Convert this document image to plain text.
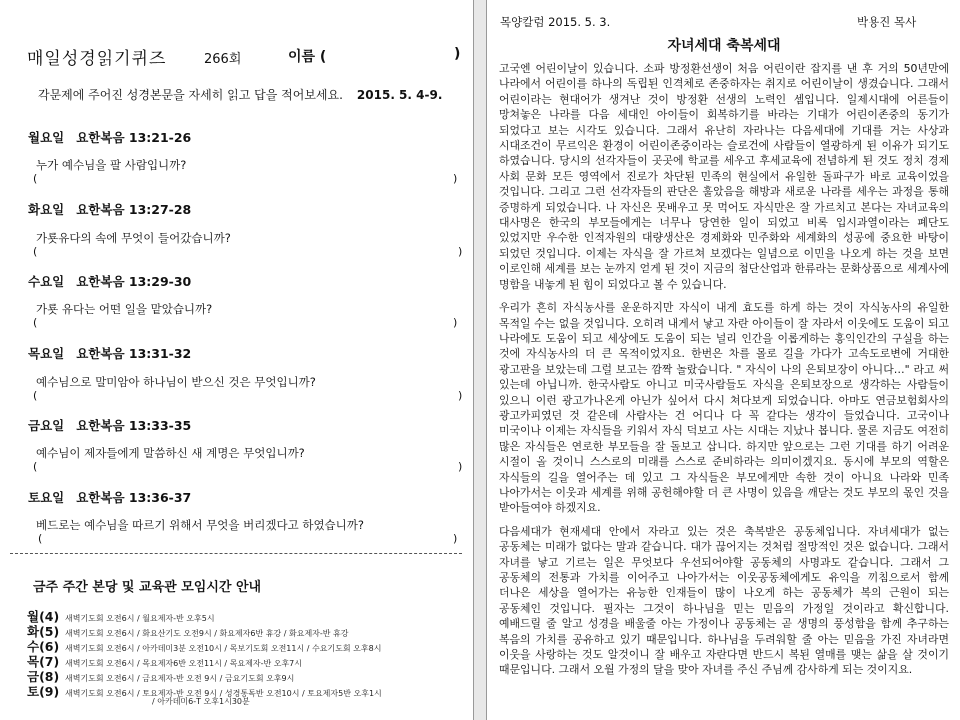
매일성경읽기퀴즈	266회	이름 (	)
각문제에 주어진 성경본문을 자세히 읽고 답을 적어보세요. 2015. 5. 4-9.
월요일 요한복음 13:21-26
누가 예수님을 팔 사람입니까?
(	)
화요일 요한복음 13:27-28
가룟유다의 속에 무엇이 들어갔습니까?
(	)
수요일 요한복음 13:29-30
가룟 유다는 어떤 일을 맡았습니까?
(	)
목요일 요한복음 13:31-32
예수님으로 말미암아 하나님이 받으신 것은 무엇입니까?
(	)
금요일 요한복음 13:33-35
예수님이 제자들에게 말씀하신 새 계명은 무엇입니까?
(	)
토요일 요한복음 13:36-37
베드로는 예수님을 따르기 위해서 무엇을 버리겠다고 하였습니까?
(	)
금주 주간 본당 및 교육관 모임시간 안내
월(4) 새벽기도회 오전6시 / 월요제자-반 오후5시
화(5) 새벽기도회 오전6시 / 화요산기도 오전9시 / 화요제자6반 휴강 / 화요제자-반 휴강
수(6) 새벽기도회 오전6시 / 아카데미3분 오전10시 / 목보기도회 오전11시 / 수요기도회 오후8시
목(7) 새벽기도회 오전6시 / 목요제자6반 오전11시 / 목요제자-반 오후7시
금(8) 새벽기도회 오전6시 / 금요제자-반 오전 9시 / 금요기도회 오후9시
토(9) 새벽기도회 오전6시 / 토요제자-반 오전 9시 / 성경통독반 오전10시 / 토요제자5반 오후1시
/ 아카데미6-T 오후1시30분
목양칼럼 2015. 5. 3.	박용진 목사
자녀세대 축복세대

고국엔 어린이날이 있습니다. 소파 방정환선생이 처음 어린이란 잡지를 낸 후 거의 50년만에 나라에서 어린이를 하나의 독립된 인격체로 존중하자는 취지로 어린이날이 생겼습니다. 그래서 어린이라는 현대어가 생겨난 것이 방정환 선생의 노력인 셈입니다. 일제시대에 어른들이 망쳐놓은 나라를 다음 세대인 아이들이 회복하기를 바라는 기대가 어린이존중의 동기가 되었다고 보는 시각도 있습니다. 그래서 유난히 자라나는 다음세대에 기대를 거는 사상과 시대조건이 무르익은 환경이 어린이존중이라는 슬로건에 사람들이 열광하게 된 이유가 되기도 하였습니다. 당시의 선각자들이 곳곳에 학교를 세우고 후세교육에 전념하게 된 것도 정치 경제 사회 문화 모든 영역에서 진로가 차단된 민족의 현실에서 유일한 돌파구가 바로 교육이었을 것입니다. 그리고 그런 선각자들의 판단은 훌았음을 해방과 새로운 나라를 세우는 과정을 통해 증명하게 되었습니다. 나 자신은 못배우고 못 먹어도 자식만은 잘 가르치고 본다는 자녀교육의 대사명은 한국의 부모들에게는 너무나 당연한 일이 되었고 비록 입시과열이라는 폐단도 있었지만 우수한 인적자원의 대량생산은 경제화와 민주화와 세계화의 성공에 중요한 바탕이 되었던 것입니다. 이제는 자식을 잘 가르쳐 보겠다는 일념으로 이민을 나오게 하는 것을 보면 이로인해 세계를 보는 눈까지 얻게 된 것이 지금의 첨단산업과 한류라는 문화상품으로 세계사에 명함을 내놓게 된 힘이 되었다고 볼 수 있습니다.

우리가 흔히 자식농사를 운운하지만 자식이 내게 효도를 하게 하는 것이 자식농사의 유일한 목적일 수는 없을 것입니다. 오히려 내게서 낳고 자란 아이들이 잘 자라서 이웃에도 도움이 되고 나라에도 도움이 되고 세상에도 도움이 되는 널리 인간을 이롭게하는 홍익인간의 구실을 하는 것에 자식농사의 더 큰 목적이었지요. 한번은 차를 몰로 길을 가다가 고속도로변에 거대한 광고판을 보았는데 그럴 보고는 깜짝 놀랐습니다. " 자식이 나의 은퇴보장이 아니다…" 라고 써 있는데 아닙니까. 한국사람도 아니고 미국사람들도 자식을 은퇴보장으로 생각하는 사람들이 있으니 이런 광고가나온게 아닌가 싶어서 다시 쳐다보게 되었습니다. 아마도 연금보험회사의 광고카피였던 것 같은데 사람사는 건 어디나 다 꼭 같다는 생각이 들었습니다. 고국이나 미국이나 이제는 자식들을 키워서 자식 덕보고 사는 시대는 지났나 봅니다. 물론 지금도 여전히 많은 자식들은 연로한 부모들을 잘 돌보고 삽니다. 하지만 앞으로는 그런 기대를 하기 어려운 시절이 올 것이니 스스로의 미래를 스스로 준비하라는 의미이겠지요. 동시에 부모의 역할은 자식들의 길을 열어주는 데 있고 그 자식들은 부모에게만 속한 것이 아니요 나라와 민족 나아가서는 이웃과 세계를 위해 공헌해야할 더 큰 사명이 있음을 깨닫는 것도 부모의 몫인 것을 받아들여야 하겠지요.

다음세대가 현재세대 안에서 자라고 있는 것은 축복받은 공동체입니다. 자녀세대가 없는 공동체는 미래가 없다는 말과 같습니다. 대가 끊어지는 것처럼 절망적인 것은 없습니다. 그래서 자녀를 낳고 기르는 일은 무엇보다 우선되어야할 공동체의 사명과도 같습니다. 그래서 그 공동체의 전통과 가치를 이어주고 나아가서는 이웃공동체에게도 유익을 끼침으로서 함께 더나은 세상을 열어가는 유능한 인재들이 많이 나오게 하는 공동체가 복의 근원이 되는 공동체인 것입니다. 필자는 그것이 하나님을 믿는 믿음의 가정일 것이라고 확신합니다. 예배드릴 줄 알고 성경을 배울줄 아는 가정이나 공동체는 곧 생명의 풍성함을 함께 추구하는 복음의 가치를 공유하고 있기 때문입니다. 하나님을 두려워할 줄 아는 믿음을 가진 자녀라면 이웃을 사랑하는 것도 알것이니 잘 배우고 자란다면 반드시 복된 열매를 맺는 삶을 살 것이기 때문입니다. 그래서 오월 가정의 달을 맞아 자녀를 주신 주님께 감사하게 되는 것이지요.
